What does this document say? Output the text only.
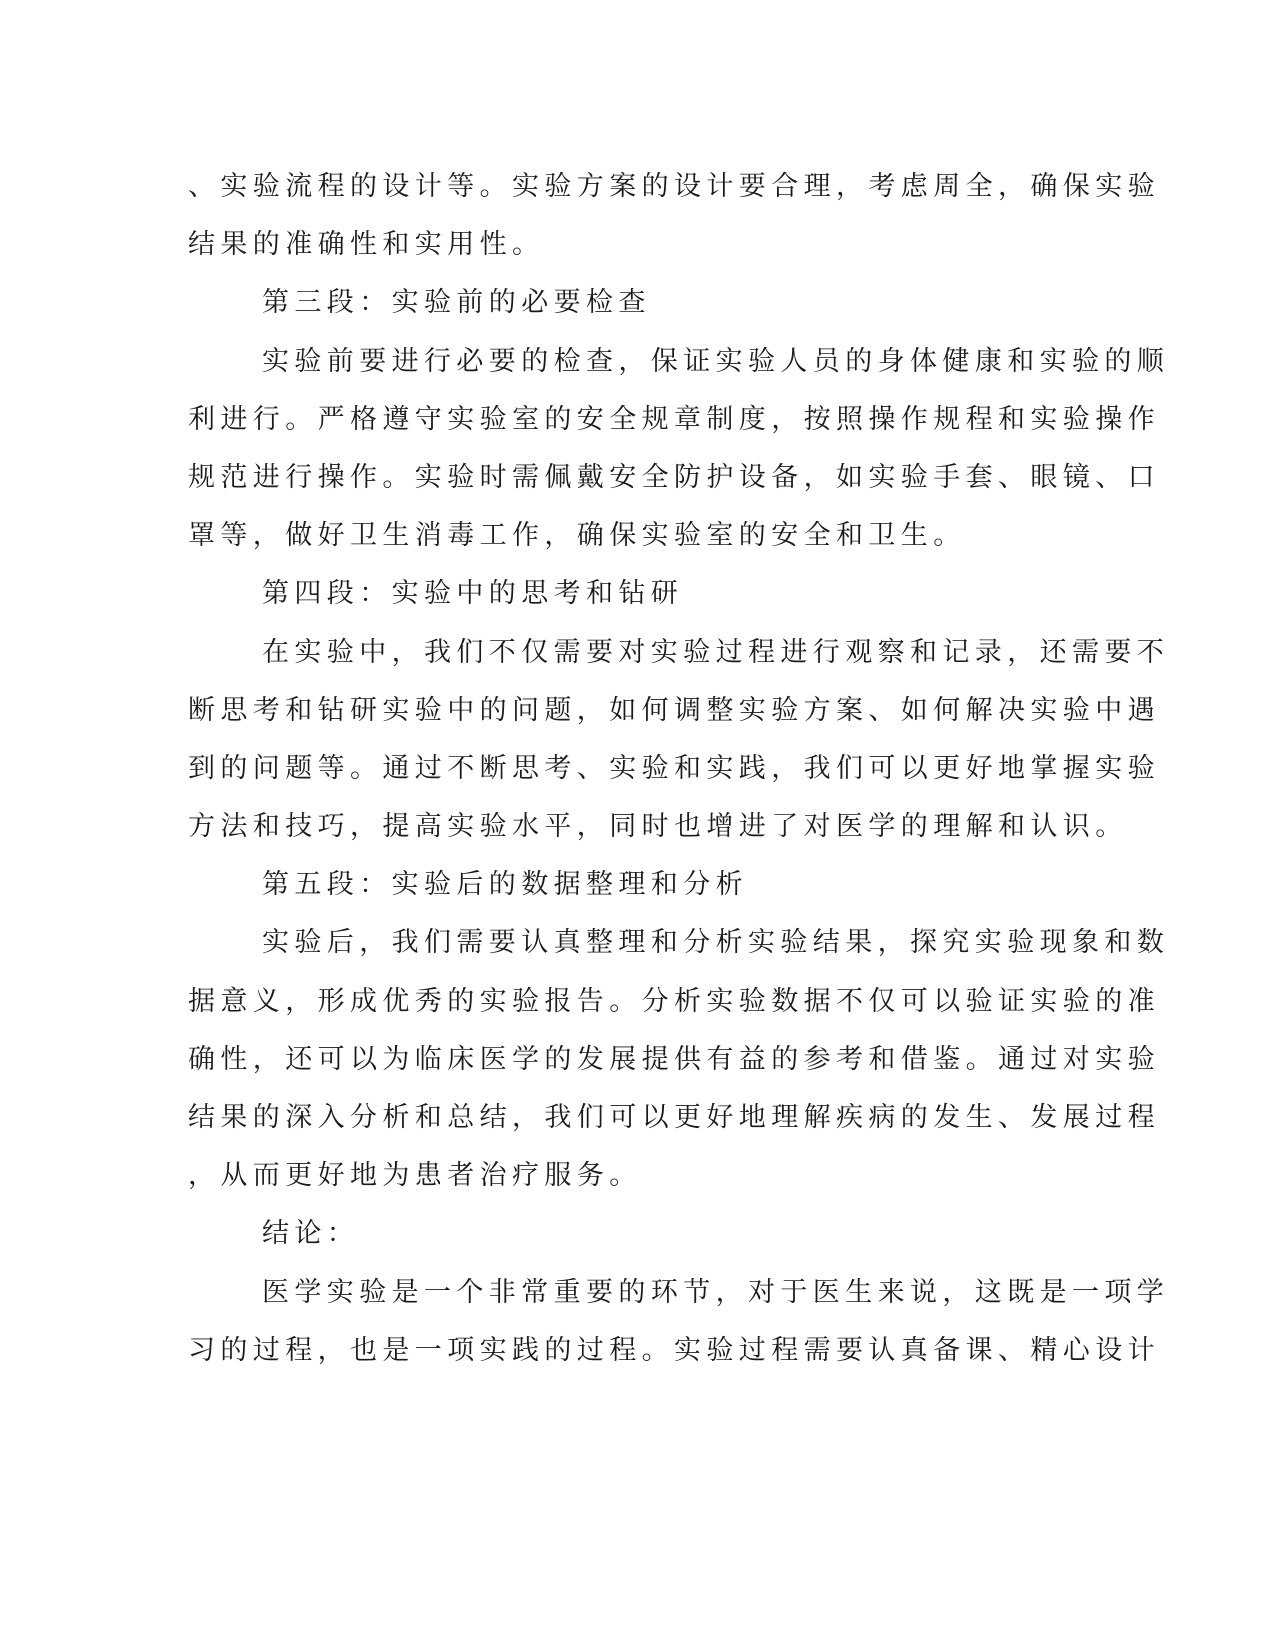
、实验流程的设计等。实验方案的设计要合理，考虑周全，确保实验
结果的准确性和实用性。
第三段：实验前的必要检查
实验前要进行必要的检查，保证实验人员的身体健康和实验的顺
利进行。严格遵守实验室的安全规章制度，按照操作规程和实验操作
规范进行操作。实验时需佩戴安全防护设备，如实验手套、眼镜、口
罩等，做好卫生消毒工作，确保实验室的安全和卫生。
第四段：实验中的思考和钻研
在实验中，我们不仅需要对实验过程进行观察和记录，还需要不
断思考和钻研实验中的问题，如何调整实验方案、如何解决实验中遇
到的问题等。通过不断思考、实验和实践，我们可以更好地掌握实验
方法和技巧，提高实验水平，同时也增进了对医学的理解和认识。
第五段：实验后的数据整理和分析
实验后，我们需要认真整理和分析实验结果，探究实验现象和数
据意义，形成优秀的实验报告。分析实验数据不仅可以验证实验的准
确性，还可以为临床医学的发展提供有益的参考和借鉴。通过对实验
结果的深入分析和总结，我们可以更好地理解疾病的发生、发展过程
，从而更好地为患者治疗服务。
结论：
医学实验是一个非常重要的环节，对于医生来说，这既是一项学
习的过程，也是一项实践的过程。实验过程需要认真备课、精心设计
